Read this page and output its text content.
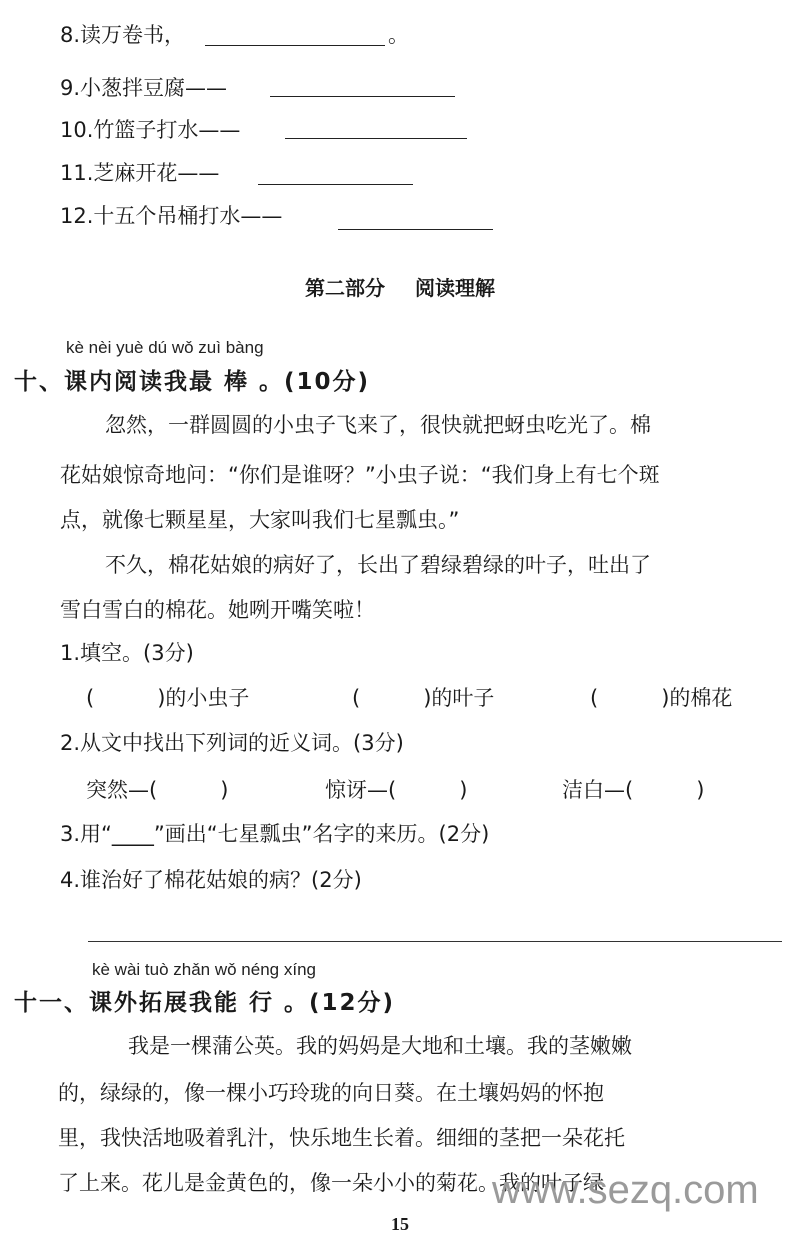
8.读万卷书，	。
9.小葱拌豆腐——
10.竹篮子打水——
11.芝麻开花——
12.十五个吊桶打水——
第二部分 阅读理解
kè nèi yuè dú wǒ zuì bàng
十、课内阅读我最 棒 。(10分)
忽然，一群圆圆的小虫子飞来了，很快就把蚜虫吃光了。棉
花姑娘惊奇地问：“你们是谁呀？”小虫子说：“我们身上有七个斑
点，就像七颗星星，大家叫我们七星瓢虫。”
不久，棉花姑娘的病好了，长出了碧绿碧绿的叶子，吐出了
雪白雪白的棉花。她咧开嘴笑啦！
1.填空。(3分)
(　　　)的小虫子	(　　　)的叶子	(　　　)的棉花
2.从文中找出下列词的近义词。(3分)
突然—(　　　)	惊讶—(　　　)	洁白—(　　　)
3.用“____”画出“七星瓢虫”名字的来历。(2分)
4.谁治好了棉花姑娘的病？(2分)
kè wài tuò zhǎn wǒ néng xíng
十一、课外拓展我能 行 。(12分)
我是一棵蒲公英。我的妈妈是大地和土壤。我的茎嫩嫩
的，绿绿的，像一棵小巧玲珑的向日葵。在土壤妈妈的怀抱
里，我快活地吸着乳汁，快乐地生长着。细细的茎把一朵花托
了上来。花儿是金黄色的，像一朵小小的菊花。我的叶子绿
www.sezq.com
15
